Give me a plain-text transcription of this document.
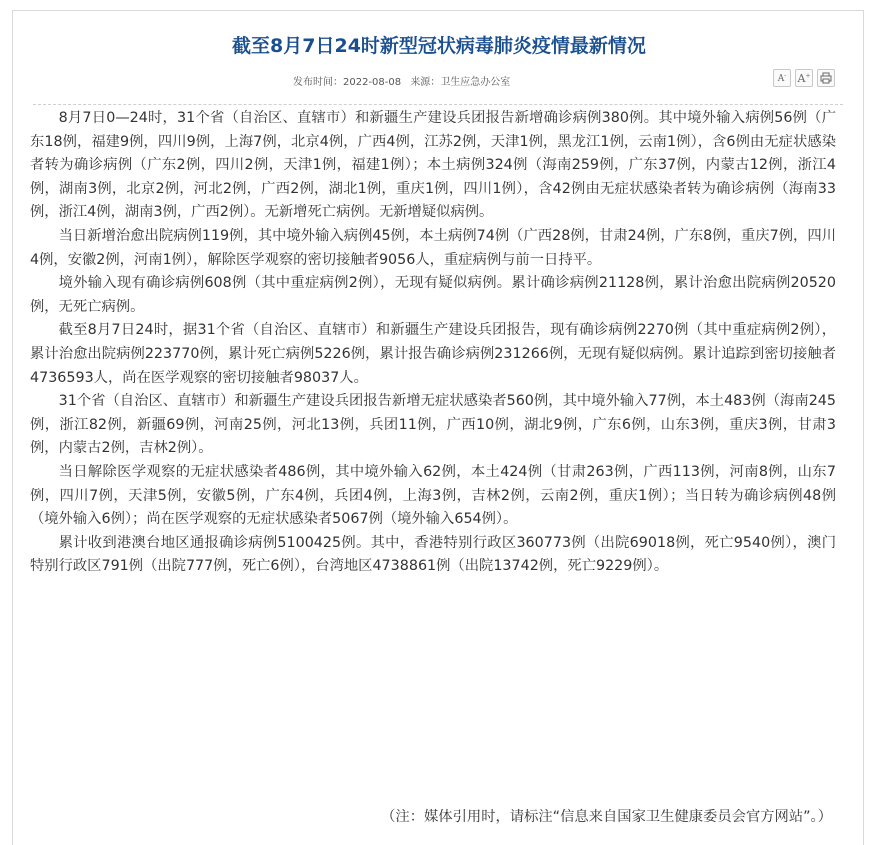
截至8月7日24时新型冠状病毒肺炎疫情最新情况
发布时间：2022-08-08 来源：卫生应急办公室	A- A+

8月7日0—24时，31个省（自治区、直辖市）和新疆生产建设兵团报告新增确诊病例380例。其中境外输入病例56例（广东18例，福建9例，四川9例，上海7例，北京4例，广西4例，江苏2例，天津1例，黑龙江1例，云南1例），含6例由无症状感染者转为确诊病例（广东2例，四川2例，天津1例，福建1例）；本土病例324例（海南259例，广东37例，内蒙古12例，浙江4例，湖南3例，北京2例，河北2例，广西2例，湖北1例，重庆1例，四川1例），含42例由无症状感染者转为确诊病例（海南33例，浙江4例，湖南3例，广西2例）。无新增死亡病例。无新增疑似病例。

当日新增治愈出院病例119例，其中境外输入病例45例，本土病例74例（广西28例，甘肃24例，广东8例，重庆7例，四川4例，安徽2例，河南1例），解除医学观察的密切接触者9056人，重症病例与前一日持平。

境外输入现有确诊病例608例（其中重症病例2例），无现有疑似病例。累计确诊病例21128例，累计治愈出院病例20520例，无死亡病例。

截至8月7日24时，据31个省（自治区、直辖市）和新疆生产建设兵团报告，现有确诊病例2270例（其中重症病例2例），累计治愈出院病例223770例，累计死亡病例5226例，累计报告确诊病例231266例，无现有疑似病例。累计追踪到密切接触者4736593人，尚在医学观察的密切接触者98037人。

31个省（自治区、直辖市）和新疆生产建设兵团报告新增无症状感染者560例，其中境外输入77例，本土483例（海南245例，浙江82例，新疆69例，河南25例，河北13例，兵团11例，广西10例，湖北9例，广东6例，山东3例，重庆3例，甘肃3例，内蒙古2例，吉林2例）。

当日解除医学观察的无症状感染者486例，其中境外输入62例，本土424例（甘肃263例，广西113例，河南8例，山东7例，四川7例，天津5例，安徽5例，广东4例，兵团4例，上海3例，吉林2例，云南2例，重庆1例）；当日转为确诊病例48例（境外输入6例）；尚在医学观察的无症状感染者5067例（境外输入654例）。

累计收到港澳台地区通报确诊病例5100425例。其中，香港特别行政区360773例（出院69018例，死亡9540例），澳门特别行政区791例（出院777例，死亡6例），台湾地区4738861例（出院13742例，死亡9229例）。

（注：媒体引用时，请标注“信息来自国家卫生健康委员会官方网站”。）
